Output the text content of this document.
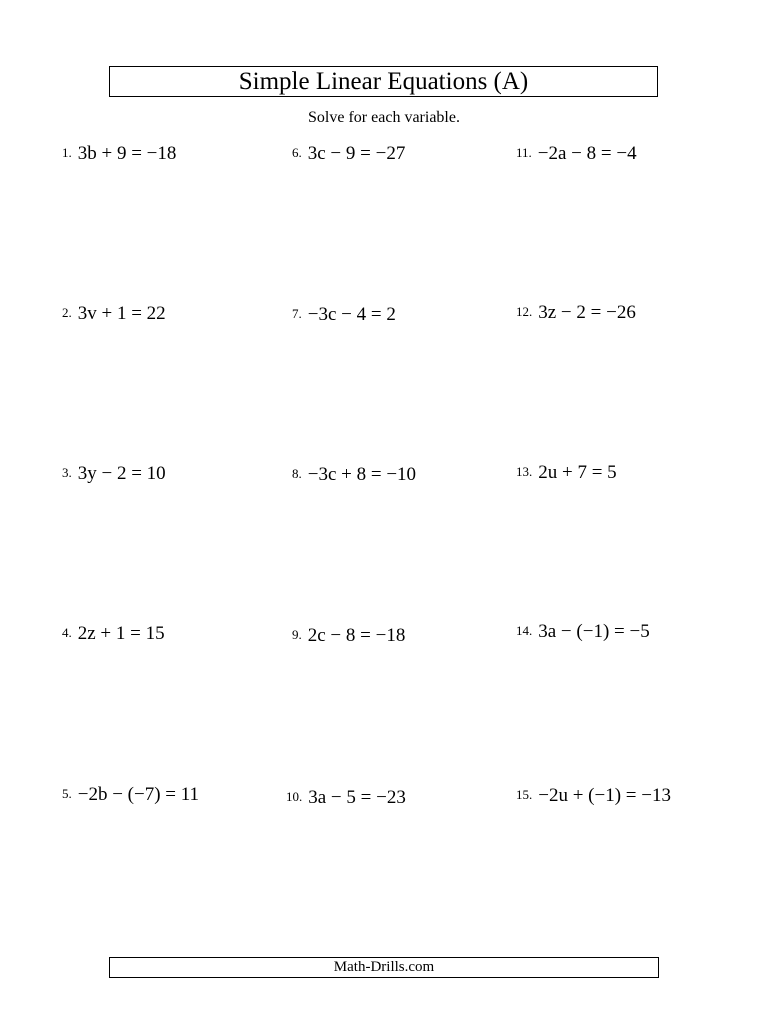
Simple Linear Equations (A)
Solve for each variable.
1. 3b + 9 = −18
2. 3v + 1 = 22
3. 3y − 2 = 10
4. 2z + 1 = 15
5. −2b − (−7) = 11
6. 3c − 9 = −27
7. −3c − 4 = 2
8. −3c + 8 = −10
9. 2c − 8 = −18
10. 3a − 5 = −23
11. −2a − 8 = −4
12. 3z − 2 = −26
13. 2u + 7 = 5
14. 3a − (−1) = −5
15. −2u + (−1) = −13
Math-Drills.com
